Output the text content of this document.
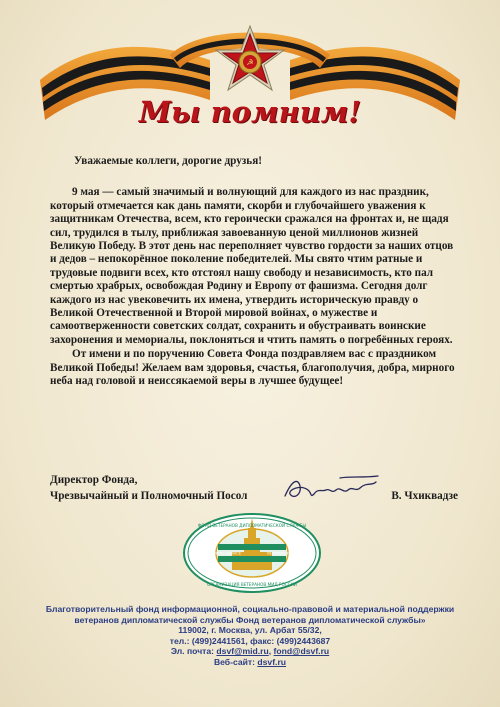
☭
Мы помним!
Уважаемые коллеги, дорогие друзья!

9 мая — самый значимый и волнующий для каждого из нас праздник, который отмечается как дань памяти, скорби и глубочайшего уважения к защитникам Отечества, всем, кто героически сражался на фронтах и, не щадя сил, трудился в тылу, приближая завоеванную ценой миллионов жизней Великую Победу. В этот день нас переполняет чувство гордости за наших отцов и дедов – непокорённое поколение победителей. Мы свято чтим ратные и трудовые подвиги всех, кто отстоял нашу свободу и независимость, кто пал смертью храбрых, освобождая Родину и Европу от фашизма. Сегодня долг каждого из нас увековечить их имена, утвердить историческую правду о Великой Отечественной и Второй мировой войнах, о мужестве и самоотверженности советских солдат, сохранить и обустраивать воинские захоронения и мемориалы, поклоняться и чтить память о погребённых героях.

От имени и по поручению Совета Фонда поздравляем вас с праздником Великой Победы! Желаем вам здоровья, счастья, благополучия, добра, мирного неба над головой и неиссякаемой веры в лучшее будущее!

Директор Фонда,
Чрезвычайный и Полномочный Посол	В. Чхиквадзе
ФОНД ВЕТЕРАНОВ ДИПЛОМАТИЧЕСКОЙ СЛУЖБЫ
DIPLOMATIC SERVICE	VETERANS FUND
ОРГАНИЗАЦИЯ ВЕТЕРАНОВ МИД РОССИИ
Благотворительный фонд информационной, социально-правовой и материальной поддержки
ветеранов дипломатической службы Фонд ветеранов дипломатической службы»
119002, г. Москва, ул. Арбат 55/32,
тел.: (499)2441561, факс: (499)2443687
Эл. почта: dsvf@mid.ru, fond@dsvf.ru
Веб-сайт: dsvf.ru
